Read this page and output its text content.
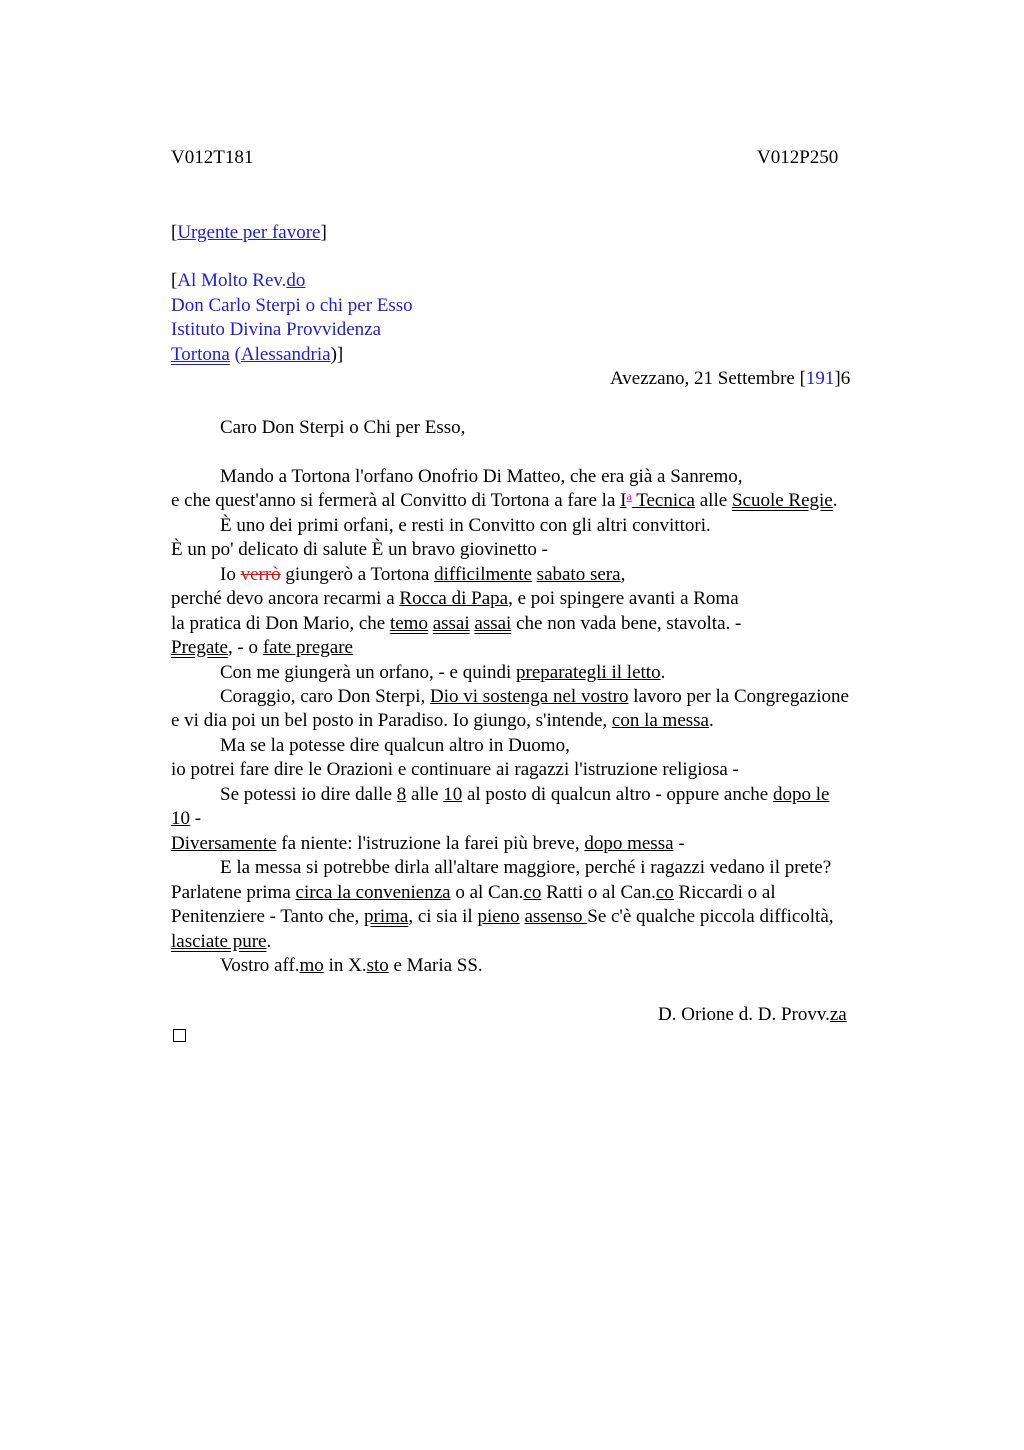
V012T181	V012P250
[Urgente per favore]
[Al Molto Rev.do
Don Carlo Sterpi o chi per Esso
Istituto Divina Provvidenza
Tortona (Alessandria)]
Avezzano, 21 Settembre [191]6
Caro Don Sterpi o Chi per Esso,
Mando a Tortona l'orfano Onofrio Di Matteo, che era già a Sanremo,
e che quest'anno si fermerà al Convitto di Tortona a fare la $I^a$ Tecnica alle Scuole Regie.
È uno dei primi orfani, e resti in Convitto con gli altri convittori.
È un po' delicato di salute È un bravo giovinetto -
Io verrò giungerò a Tortona difficilmente sabato sera,
perché devo ancora recarmi a Rocca di Papa, e poi spingere avanti a Roma
la pratica di Don Mario, che temo assai assai che non vada bene, stavolta. -
Pregate, - o fate pregare
Con me giungerà un orfano, - e quindi preparategli il letto.
Coraggio, caro Don Sterpi, Dio vi sostenga nel vostro lavoro per la Congregazione
e vi dia poi un bel posto in Paradiso. Io giungo, s'intende, con la messa.
Ma se la potesse dire qualcun altro in Duomo,
io potrei fare dire le Orazioni e continuare ai ragazzi l'istruzione religiosa -
Se potessi io dire dalle 8 alle 10 al posto di qualcun altro - oppure anche dopo le
10 -
Diversamente fa niente: l'istruzione la farei più breve, dopo messa -
E la messa si potrebbe dirla all'altare maggiore, perché i ragazzi vedano il prete?
Parlatene prima circa la convenienza o al Can.co Ratti o al Can.co Riccardi o al
Penitenziere - Tanto che, prima, ci sia il pieno assenso Se c'è qualche piccola difficoltà,
lasciate pure.
Vostro aff.mo in X.sto e Maria SS.
D. Orione d. D. Provv.za
